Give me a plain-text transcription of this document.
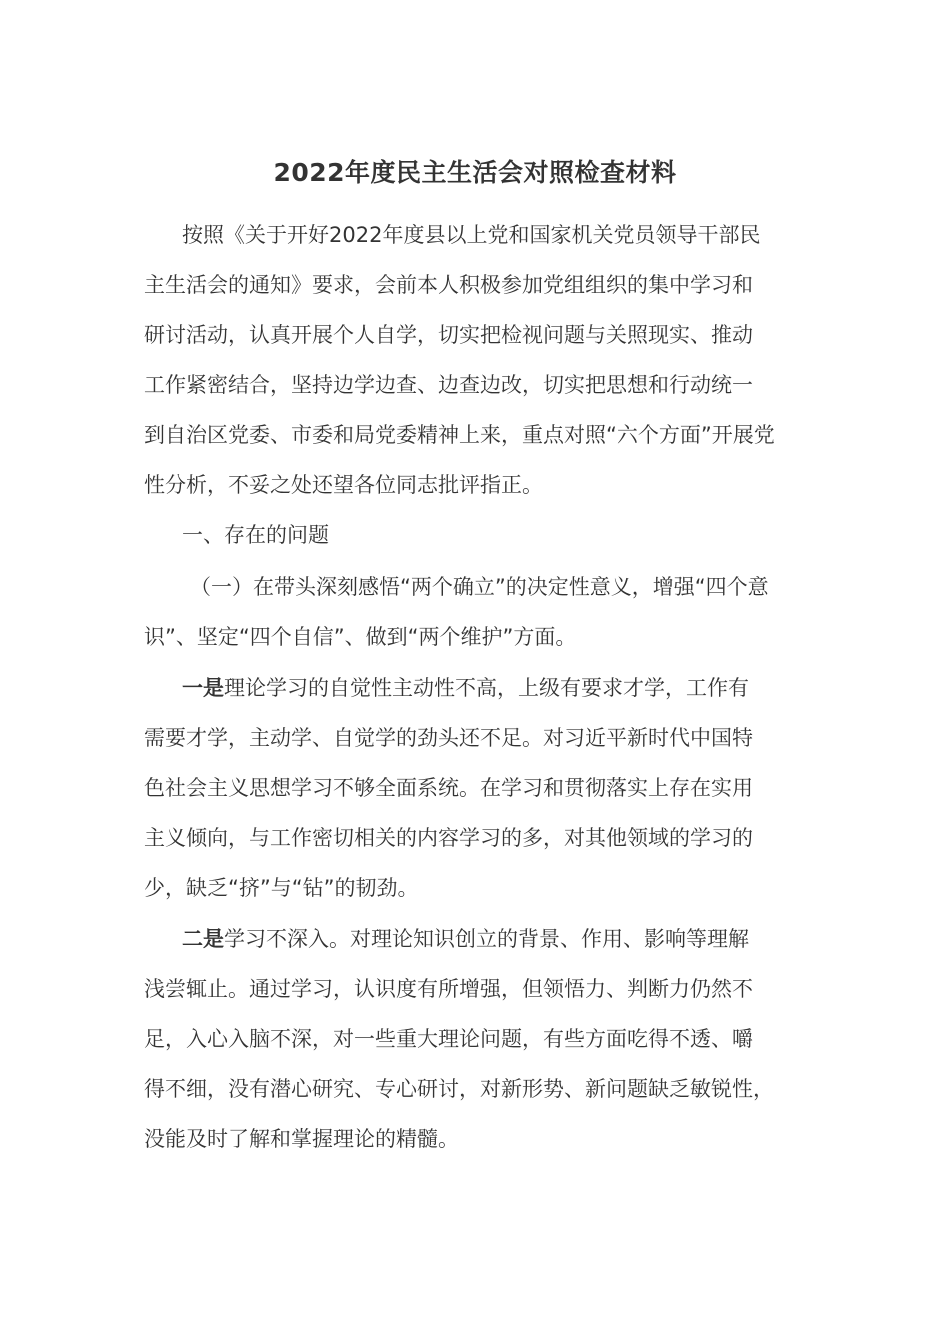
2022年度民主生活会对照检查材料
按照《关于开好2022年度县以上党和国家机关党员领导干部民
主生活会的通知》要求，会前本人积极参加党组组织的集中学习和
研讨活动，认真开展个人自学，切实把检视问题与关照现实、推动
工作紧密结合，坚持边学边查、边查边改，切实把思想和行动统一
到自治区党委、市委和局党委精神上来，重点对照“六个方面”开展党
性分析，不妥之处还望各位同志批评指正。
一、存在的问题
（一）在带头深刻感悟“两个确立”的决定性意义，增强“四个意
识”、坚定“四个自信”、做到“两个维护”方面。
一是理论学习的自觉性主动性不高，上级有要求才学，工作有
需要才学，主动学、自觉学的劲头还不足。对习近平新时代中国特
色社会主义思想学习不够全面系统。在学习和贯彻落实上存在实用
主义倾向，与工作密切相关的内容学习的多，对其他领域的学习的
少，缺乏“挤”与“钻”的韧劲。
二是学习不深入。对理论知识创立的背景、作用、影响等理解
浅尝辄止。通过学习，认识度有所增强，但领悟力、判断力仍然不
足，入心入脑不深，对一些重大理论问题，有些方面吃得不透、嚼
得不细，没有潜心研究、专心研讨，对新形势、新问题缺乏敏锐性，
没能及时了解和掌握理论的精髓。
